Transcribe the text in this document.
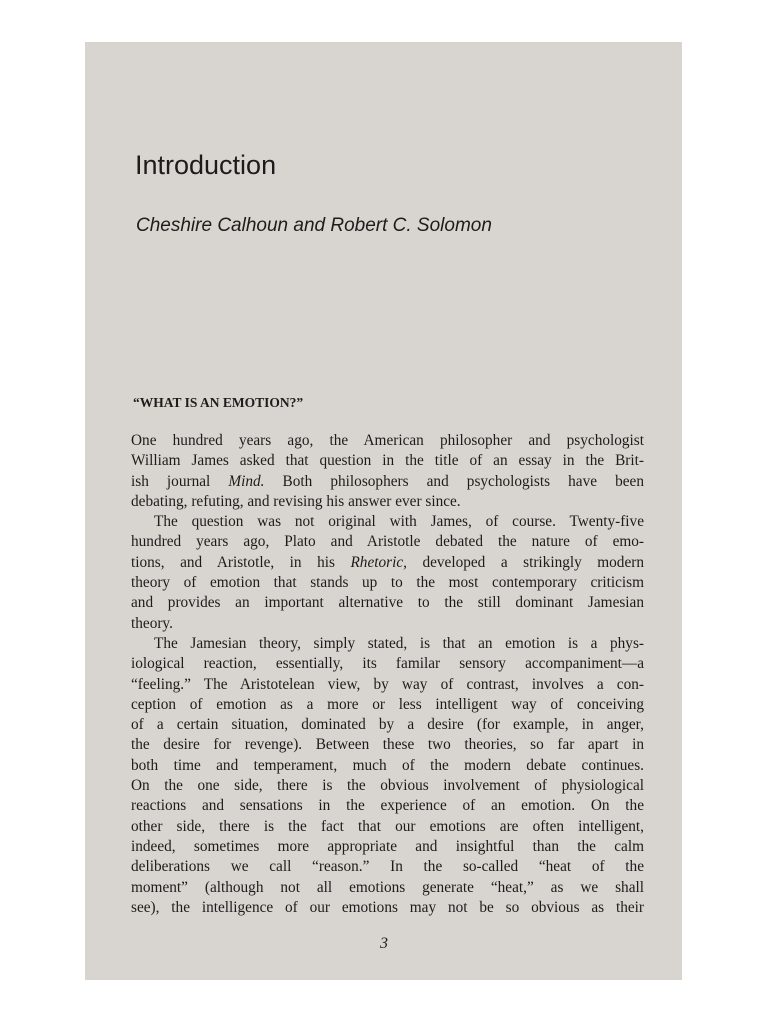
Introduction

Cheshire Calhoun and Robert C. Solomon

“WHAT IS AN EMOTION?”
One hundred years ago, the American philosopher and psychologist
William James asked that question in the title of an essay in the Brit-
ish journal Mind. Both philosophers and psychologists have been
debating, refuting, and revising his answer ever since.
The question was not original with James, of course. Twenty-five
hundred years ago, Plato and Aristotle debated the nature of emo-
tions, and Aristotle, in his Rhetoric, developed a strikingly modern
theory of emotion that stands up to the most contemporary criticism
and provides an important alternative to the still dominant Jamesian
theory.
The Jamesian theory, simply stated, is that an emotion is a phys-
iological reaction, essentially, its familar sensory accompaniment—a
“feeling.” The Aristotelean view, by way of contrast, involves a con-
ception of emotion as a more or less intelligent way of conceiving
of a certain situation, dominated by a desire (for example, in anger,
the desire for revenge). Between these two theories, so far apart in
both time and temperament, much of the modern debate continues.
On the one side, there is the obvious involvement of physiological
reactions and sensations in the experience of an emotion. On the
other side, there is the fact that our emotions are often intelligent,
indeed, sometimes more appropriate and insightful than the calm
deliberations we call “reason.” In the so-called “heat of the
moment” (although not all emotions generate “heat,” as we shall
see), the intelligence of our emotions may not be so obvious as their

3
